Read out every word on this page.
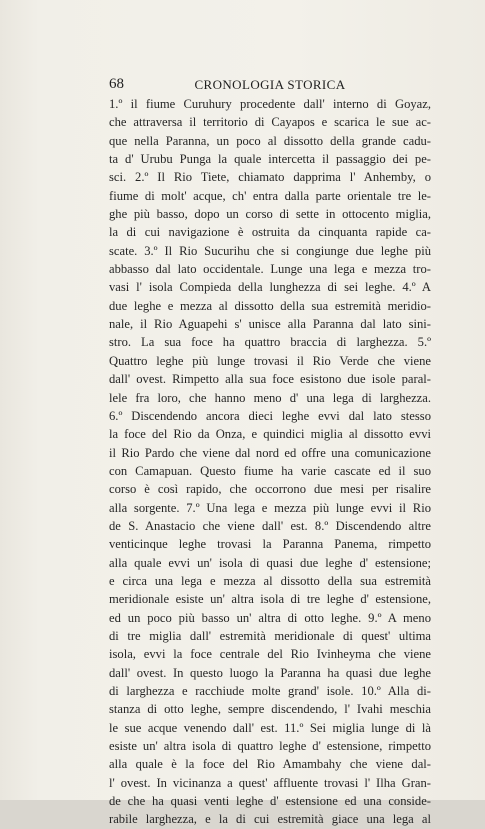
68	CRONOLOGIA STORICA
1.º il fiume Curuhury procedente dall' interno di Goyaz,
che attraversa il territorio di Cayapos e scarica le sue ac-
que nella Paranna, un poco al dissotto della grande cadu-
ta d' Urubu Punga la quale intercetta il passaggio dei pe-
sci. 2.º Il Rio Tiete, chiamato dapprima l' Anhemby, o
fiume di molt' acque, ch' entra dalla parte orientale tre le-
ghe più basso, dopo un corso di sette in ottocento miglia,
la di cui navigazione è ostruita da cinquanta rapide ca-
scate. 3.º Il Rio Sucurihu che si congiunge due leghe più
abbasso dal lato occidentale. Lunge una lega e mezza tro-
vasi l' isola Compieda della lunghezza di sei leghe. 4.º A
due leghe e mezza al dissotto della sua estremità meridio-
nale, il Rio Aguapehi s' unisce alla Paranna dal lato sini-
stro. La sua foce ha quattro braccia di larghezza. 5.º
Quattro leghe più lunge trovasi il Rio Verde che viene
dall' ovest. Rimpetto alla sua foce esistono due isole paral-
lele fra loro, che hanno meno d' una lega di larghezza.
6.º Discendendo ancora dieci leghe evvi dal lato stesso
la foce del Rio da Onza, e quindici miglia al dissotto evvi
il Rio Pardo che viene dal nord ed offre una comunicazione
con Camapuan. Questo fiume ha varie cascate ed il suo
corso è così rapido, che occorrono due mesi per risalire
alla sorgente. 7.º Una lega e mezza più lunge evvi il Rio
de S. Anastacio che viene dall' est. 8.º Discendendo altre
venticinque leghe trovasi la Paranna Panema, rimpetto
alla quale evvi un' isola di quasi due leghe d' estensione;
e circa una lega e mezza al dissotto della sua estremità
meridionale esiste un' altra isola di tre leghe d' estensione,
ed un poco più basso un' altra di otto leghe. 9.º A meno
di tre miglia dall' estremità meridionale di quest' ultima
isola, evvi la foce centrale del Rio Ivinheyma che viene
dall' ovest. In questo luogo la Paranna ha quasi due leghe
di larghezza e racchiude molte grand' isole. 10.º Alla di-
stanza di otto leghe, sempre discendendo, l' Ivahi meschia
le sue acque venendo dall' est. 11.º Sei miglia lunge di là
esiste un' altra isola di quattro leghe d' estensione, rimpetto
alla quale è la foce del Rio Amambahy che viene dal-
l' ovest. In vicinanza a quest' affluente trovasi l' Ilha Gran-
de che ha quasi venti leghe d' estensione ed una conside-
rabile larghezza, e la di cui estremità giace una lega al
